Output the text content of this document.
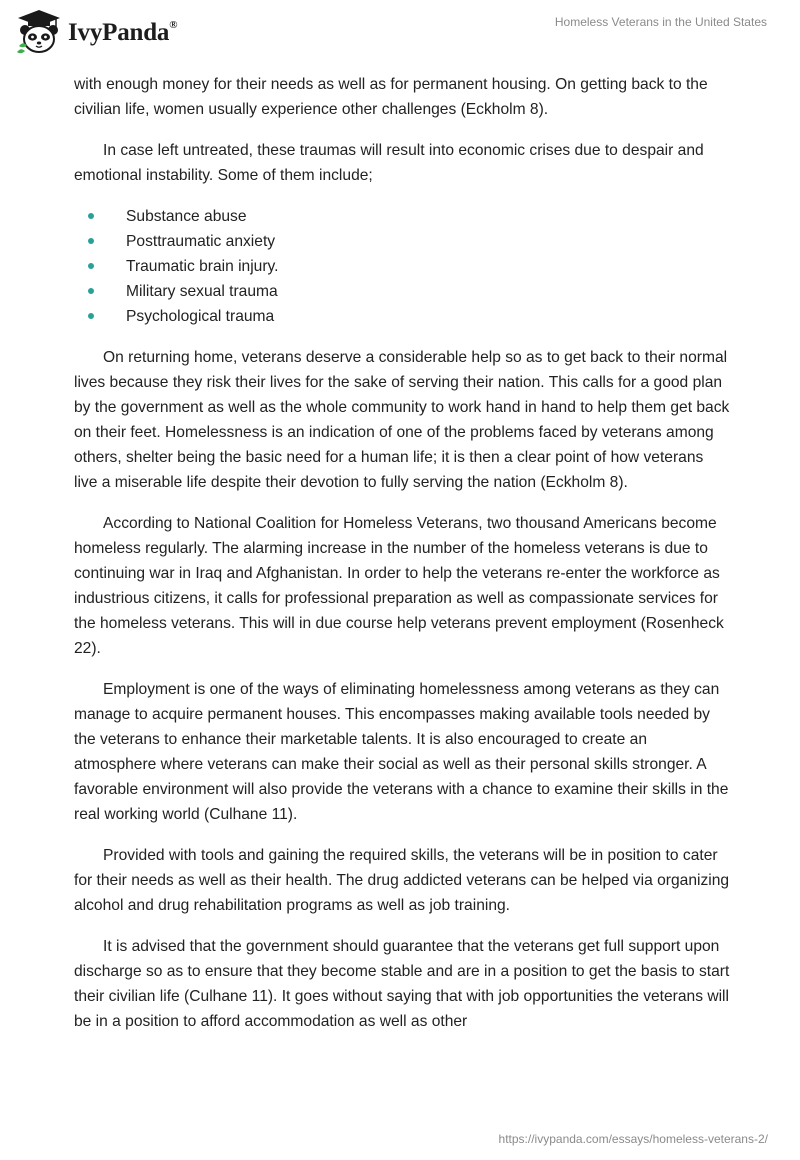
IvyPanda®	Homeless Veterans in the United States

with enough money for their needs as well as for permanent housing. On getting back to the civilian life, women usually experience other challenges (Eckholm 8).

In case left untreated, these traumas will result into economic crises due to despair and emotional instability. Some of them include;

Substance abuse
Posttraumatic anxiety
Traumatic brain injury.
Military sexual trauma
Psychological trauma

On returning home, veterans deserve a considerable help so as to get back to their normal lives because they risk their lives for the sake of serving their nation. This calls for a good plan by the government as well as the whole community to work hand in hand to help them get back on their feet. Homelessness is an indication of one of the problems faced by veterans among others, shelter being the basic need for a human life; it is then a clear point of how veterans live a miserable life despite their devotion to fully serving the nation (Eckholm 8).

According to National Coalition for Homeless Veterans, two thousand Americans become homeless regularly. The alarming increase in the number of the homeless veterans is due to continuing war in Iraq and Afghanistan. In order to help the veterans re-enter the workforce as industrious citizens, it calls for professional preparation as well as compassionate services for the homeless veterans. This will in due course help veterans prevent employment (Rosenheck 22).

Employment is one of the ways of eliminating homelessness among veterans as they can manage to acquire permanent houses. This encompasses making available tools needed by the veterans to enhance their marketable talents. It is also encouraged to create an atmosphere where veterans can make their social as well as their personal skills stronger. A favorable environment will also provide the veterans with a chance to examine their skills in the real working world (Culhane 11).

Provided with tools and gaining the required skills, the veterans will be in position to cater for their needs as well as their health. The drug addicted veterans can be helped via organizing alcohol and drug rehabilitation programs as well as job training.

It is advised that the government should guarantee that the veterans get full support upon discharge so as to ensure that they become stable and are in a position to get the basis to start their civilian life (Culhane 11). It goes without saying that with job opportunities the veterans will be in a position to afford accommodation as well as other

https://ivypanda.com/essays/homeless-veterans-2/
